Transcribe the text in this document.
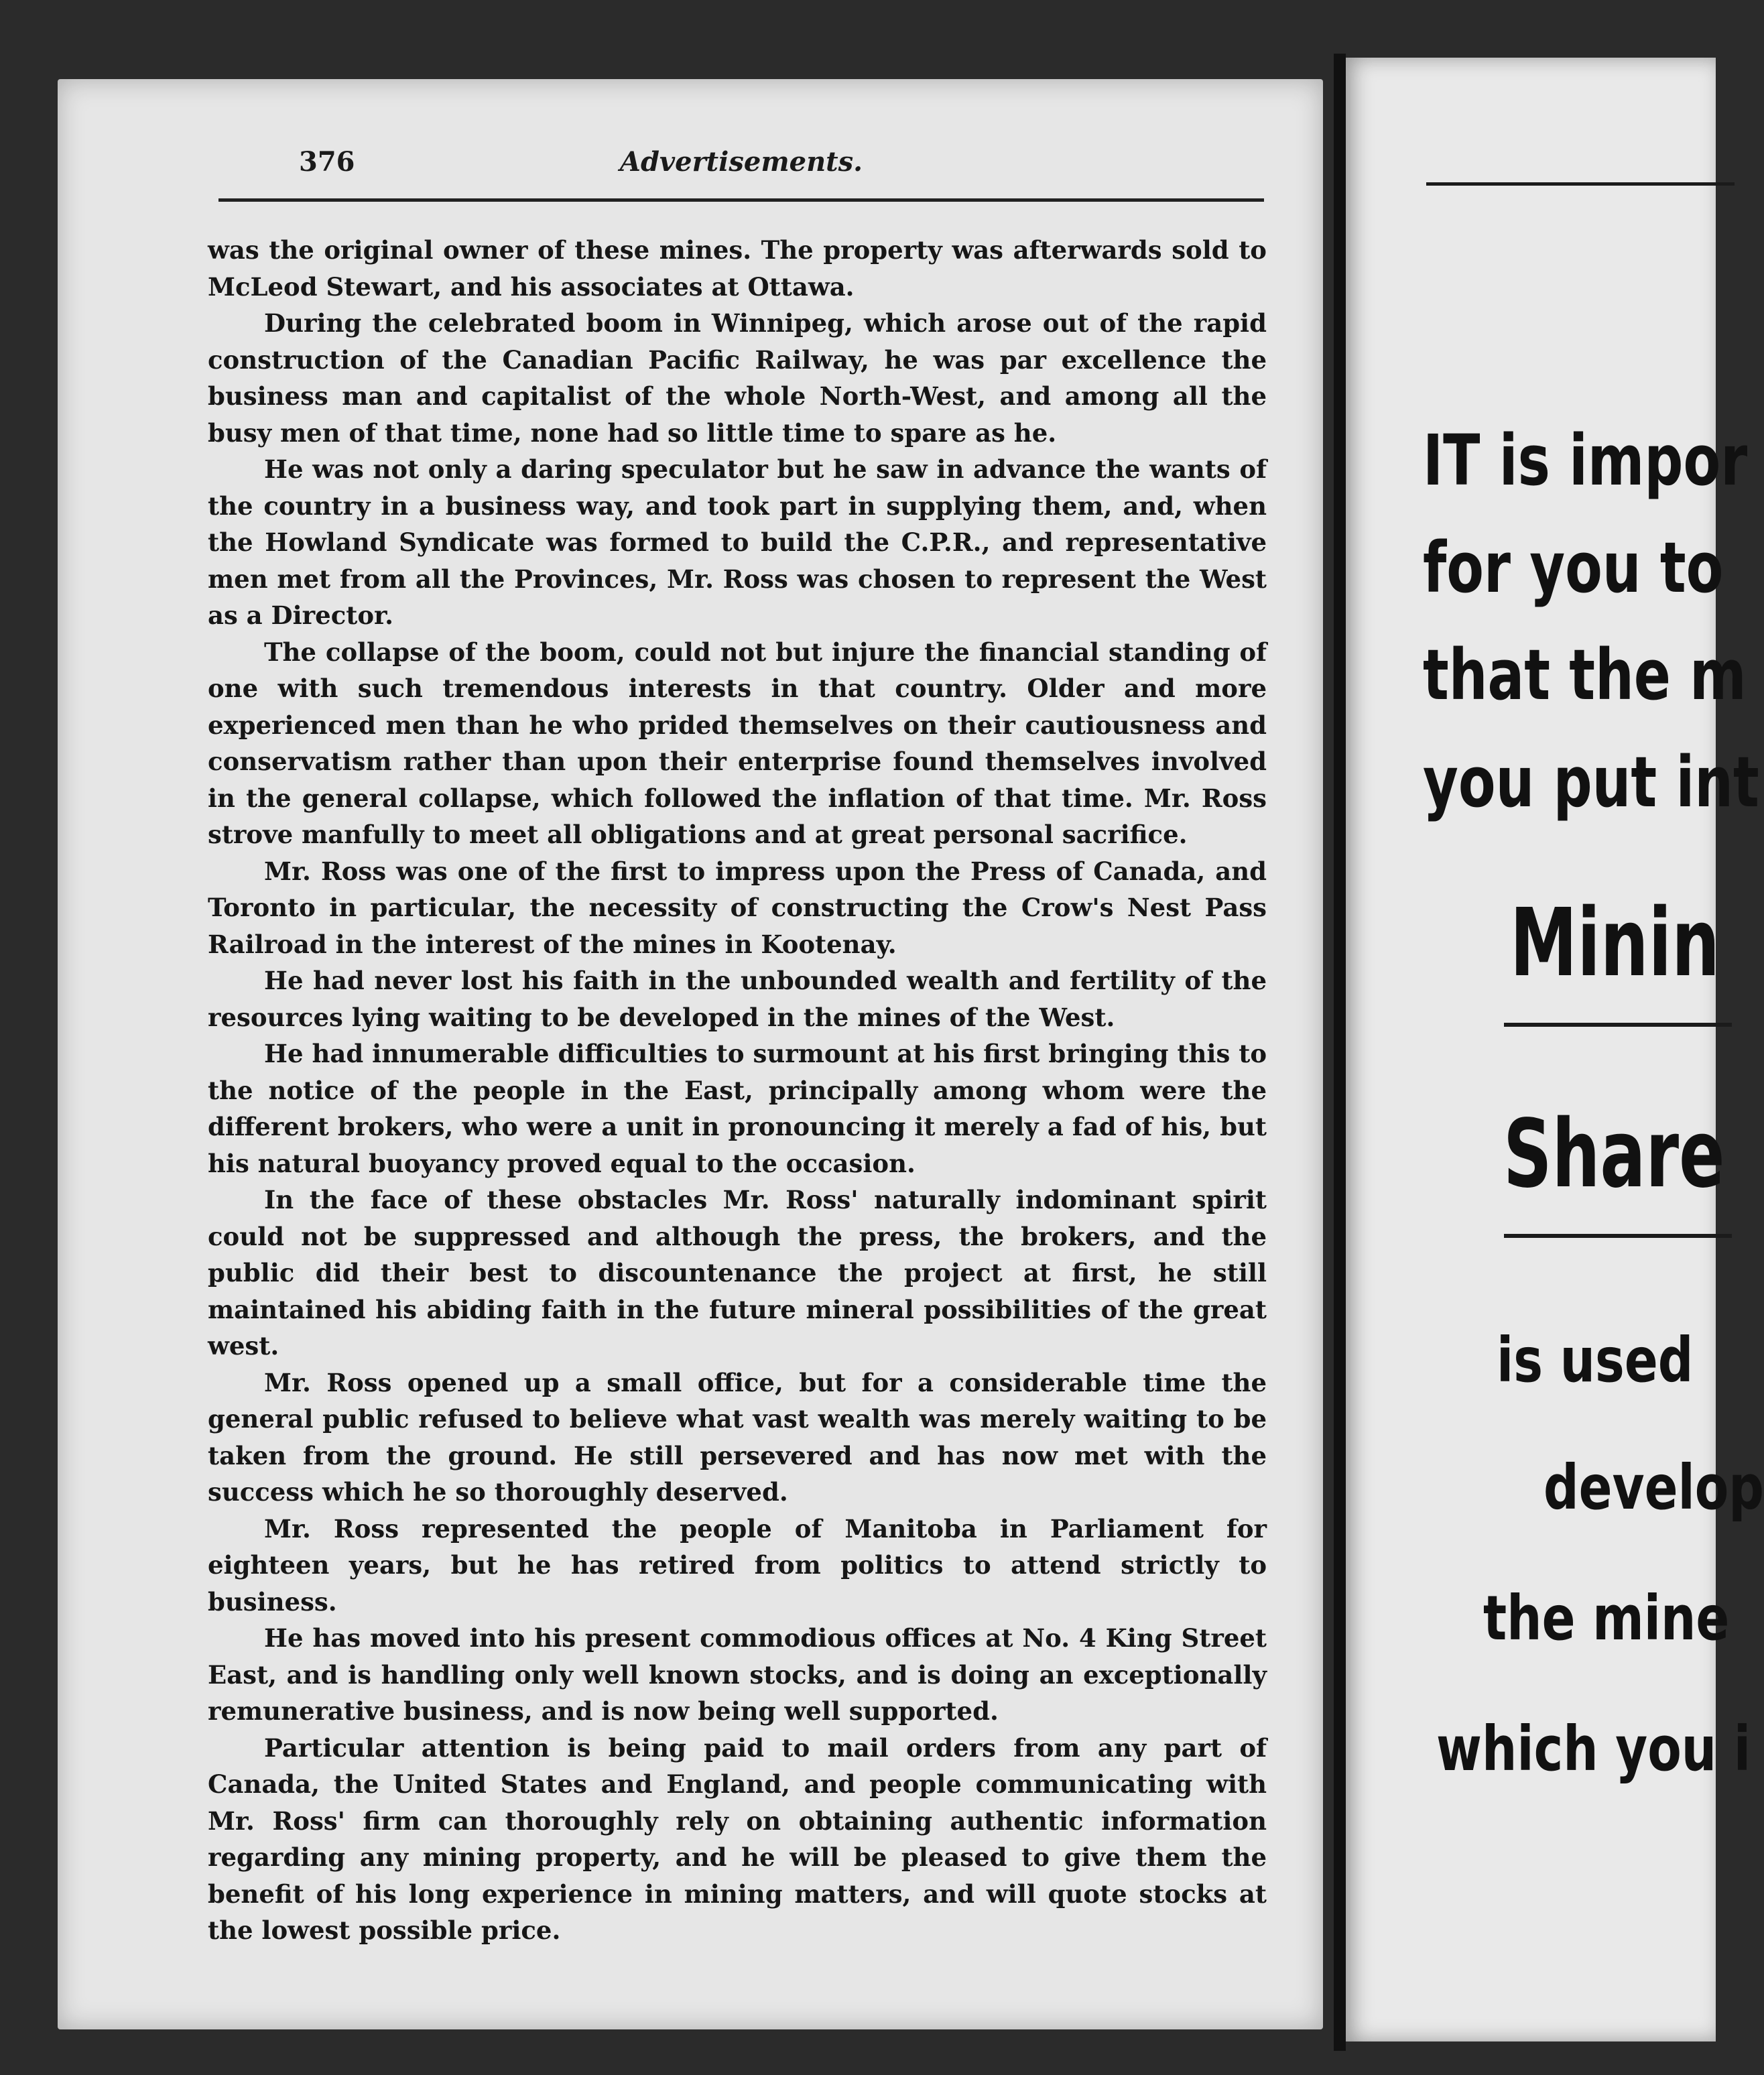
376	Advertisements.

was the original owner of these mines. The property was afterwards sold to McLeod Stewart, and his associates at Ottawa.

During the celebrated boom in Winnipeg, which arose out of the rapid construction of the Canadian Pacific Railway, he was par excellence the business man and capitalist of the whole North-West, and among all the busy men of that time, none had so little time to spare as he.

He was not only a daring speculator but he saw in advance the wants of the country in a business way, and took part in supplying them, and, when the Howland Syndicate was formed to build the C.P.R., and representative men met from all the Provinces, Mr. Ross was chosen to represent the West as a Director.

The collapse of the boom, could not but injure the financial standing of one with such tremendous interests in that country. Older and more experienced men than he who prided themselves on their cautiousness and conservatism rather than upon their enterprise found themselves involved in the general collapse, which followed the inflation of that time. Mr. Ross strove manfully to meet all obligations and at great personal sacrifice.

Mr. Ross was one of the first to impress upon the Press of Canada, and Toronto in particular, the necessity of constructing the Crow's Nest Pass Railroad in the interest of the mines in Kootenay.

He had never lost his faith in the unbounded wealth and fertility of the resources lying waiting to be developed in the mines of the West.

He had innumerable difficulties to surmount at his first bringing this to the notice of the people in the East, principally among whom were the different brokers, who were a unit in pronouncing it merely a fad of his, but his natural buoyancy proved equal to the occasion.

In the face of these obstacles Mr. Ross' naturally indominant spirit could not be suppressed and although the press, the brokers, and the public did their best to discountenance the project at first, he still maintained his abiding faith in the future mineral possibilities of the great west.

Mr. Ross opened up a small office, but for a considerable time the general public refused to believe what vast wealth was merely waiting to be taken from the ground. He still persevered and has now met with the success which he so thoroughly deserved.

Mr. Ross represented the people of Manitoba in Parliament for eighteen years, but he has retired from politics to attend strictly to business.

He has moved into his present commodious offices at No. 4 King Street East, and is handling only well known stocks, and is doing an exceptionally remunerative business, and is now being well supported.

Particular attention is being paid to mail orders from any part of Canada, the United States and England, and people communicating with Mr. Ross' firm can thoroughly rely on obtaining authentic information regarding any mining property, and he will be pleased to give them the benefit of his long experience in mining matters, and will quote stocks at the lowest possible price.

IT is impor
for you to
that the m
you put int
Minin
Share
is used
develop
the mine
which you i
